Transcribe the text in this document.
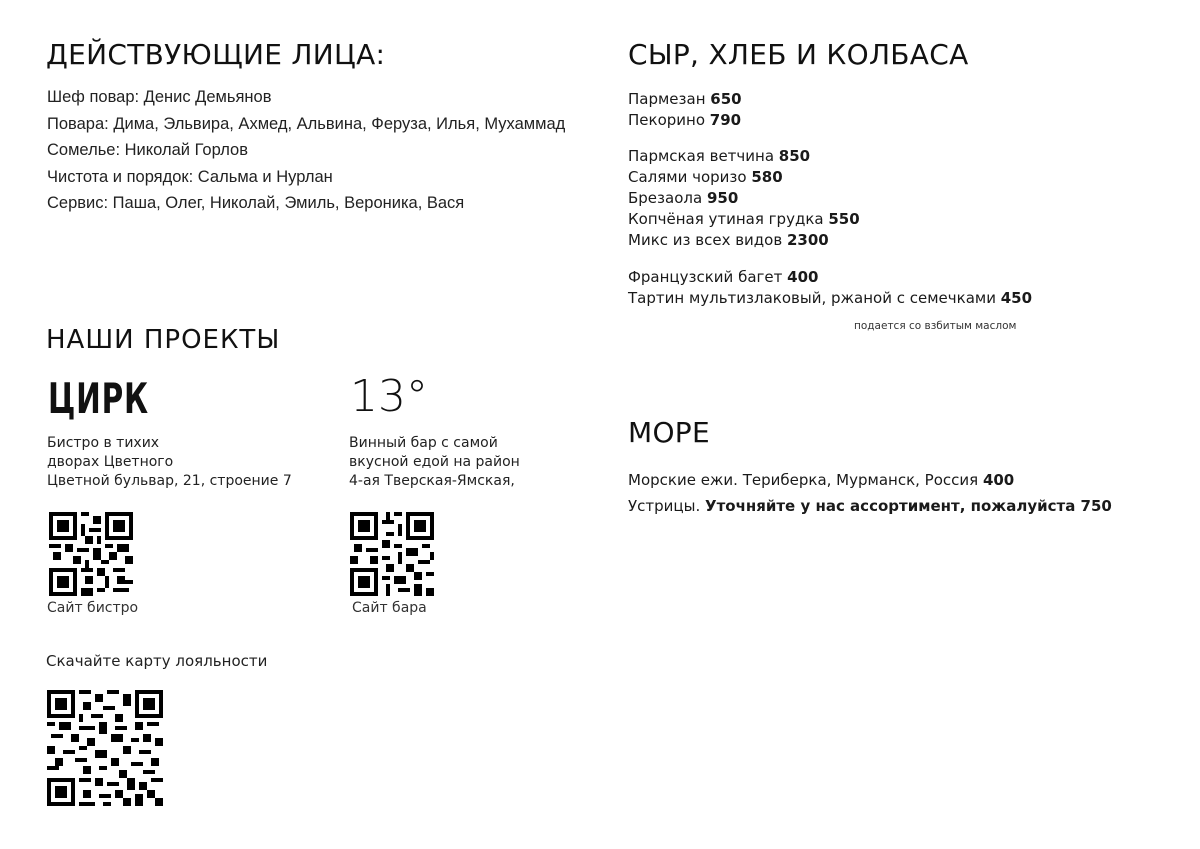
ДЕЙСТВУЮЩИЕ ЛИЦА:
Шеф повар: Денис Демьянов
Повара: Дима, Эльвира, Ахмед, Альвина, Феруза, Илья, Мухаммад
Сомелье: Николай Горлов
Чистота и порядок: Сальма и Нурлан
Сервис: Паша, Олег, Николай, Эмиль, Вероника, Вася
НАШИ ПРОЕКТЫ
ЦИРК
Бистро в тихих
дворах Цветного
Цветной бульвар, 21, строение 7
Сайт бистро
13°
Винный бар с самой
вкусной едой на район
4-ая Тверская-Ямская,
Сайт бара
Скачайте карту лояльности
СЫР, ХЛЕБ И КОЛБАСА
Пармезан 650
Пекорино 790
Пармская ветчина 850
Салями чоризо 580
Брезаола 950
Копчёная утиная грудка 550
Микс из всех видов 2300
Французский багет 400
Тартин мультизлаковый, ржаной с семечками 450
подается со взбитым маслом
МОРЕ
Морские ежи. Териберка, Мурманск, Россия 400
Устрицы. Уточняйте у нас ассортимент, пожалуйста 750
